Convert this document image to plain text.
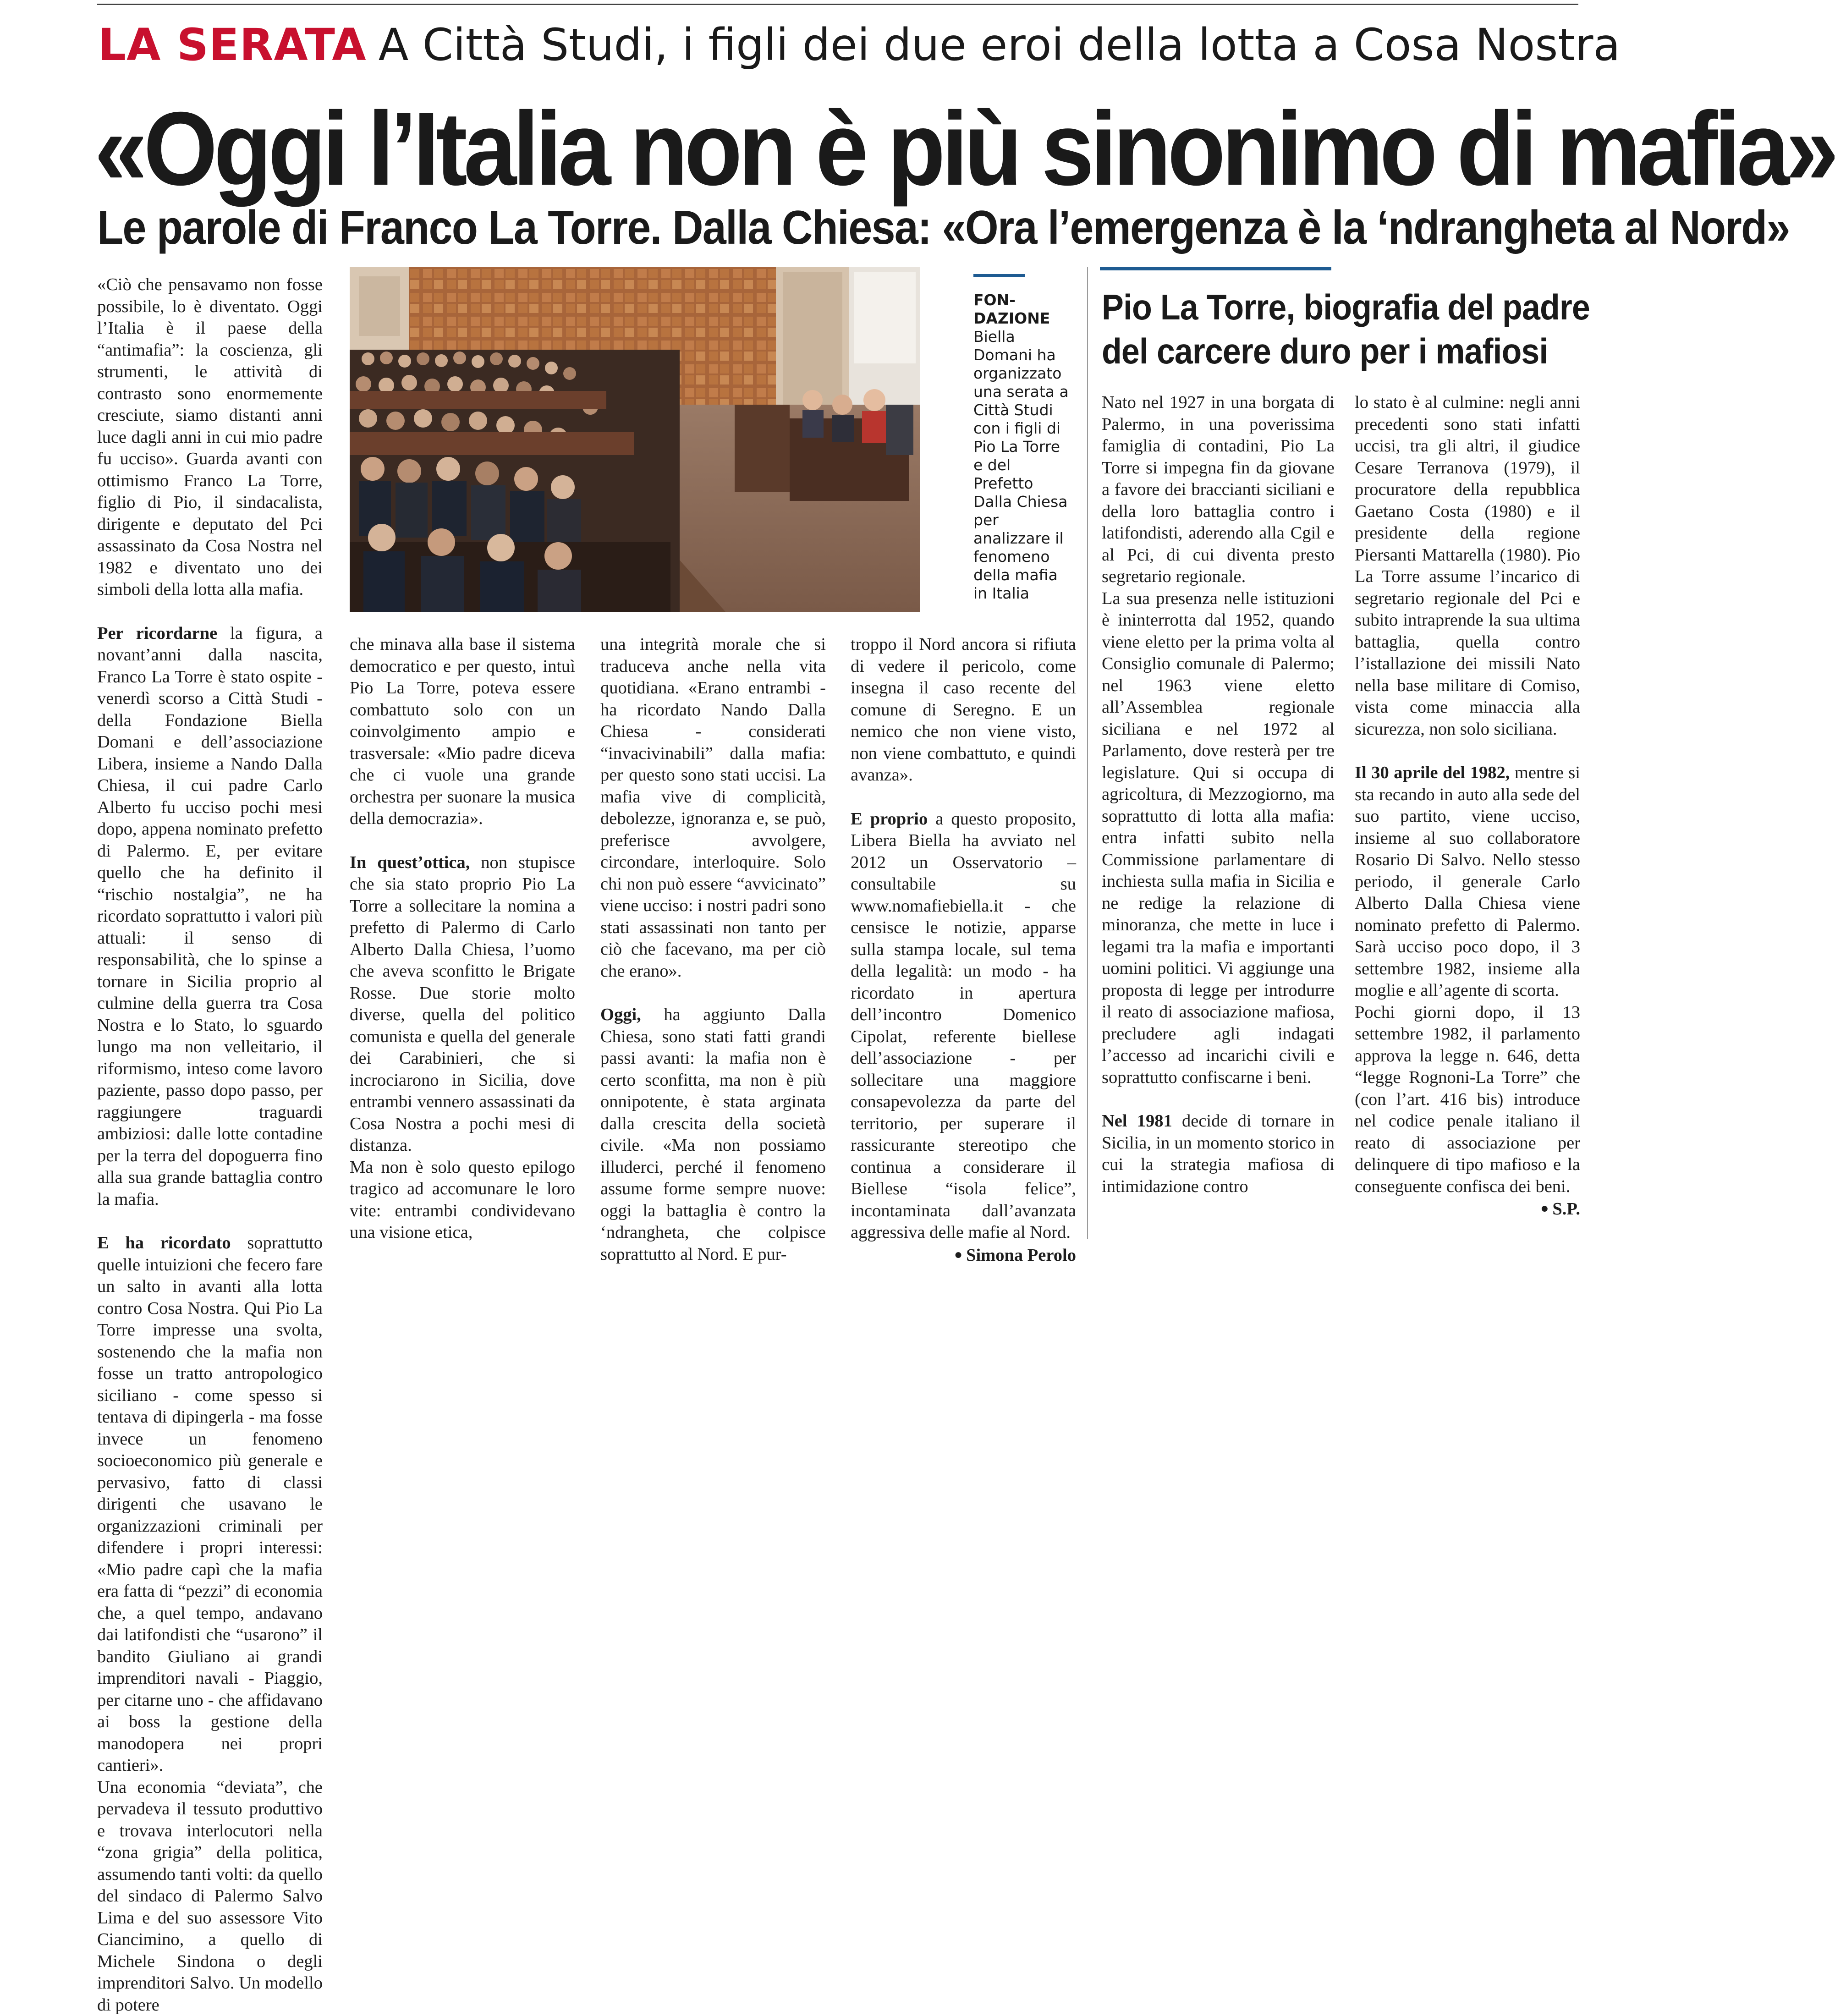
LA SERATA A Città Studi, i figli dei due eroi della lotta a Cosa Nostra
«Oggi l’Italia non è più sinonimo di mafia»
Le parole di Franco La Torre. Dalla Chiesa: «Ora l’emergenza è la ‘ndrangheta al Nord»

«Ciò che pensavamo non fosse possibile, lo è diventato. Oggi l’Italia è il paese della “antimafia”: la coscienza, gli strumenti, le attività di contrasto sono enormemente cresciute, siamo distanti anni luce dagli anni in cui mio padre fu ucciso». Guarda avanti con ottimismo Franco La Torre, figlio di Pio, il sindacalista, dirigente e deputato del Pci assassinato da Cosa Nostra nel 1982 e diventato uno dei simboli della lotta alla mafia.

Per ricordarne la figura, a novant’anni dalla nascita, Franco La Torre è stato ospite - venerdì scorso a Città Studi - della Fondazione Biella Domani e dell’associazione Libera, insieme a Nando Dalla Chiesa, il cui padre Carlo Alberto fu ucciso pochi mesi dopo, appena nominato prefetto di Palermo. E, per evitare quello che ha definito il “rischio nostalgia”, ne ha ricordato soprattutto i valori più attuali: il senso di responsabilità, che lo spinse a tornare in Sicilia proprio al culmine della guerra tra Cosa Nostra e lo Stato, lo sguardo lungo ma non velleitario, il riformismo, inteso come lavoro paziente, passo dopo passo, per raggiungere traguardi ambiziosi: dalle lotte contadine per la terra del dopoguerra fino alla sua grande battaglia contro la mafia.

E ha ricordato soprattutto quelle intuizioni che fecero fare un salto in avanti alla lotta contro Cosa Nostra. Qui Pio La Torre impresse una svolta, sostenendo che la mafia non fosse un tratto antropologico siciliano - come spesso si tentava di dipingerla - ma fosse invece un fenomeno socioeconomico più generale e pervasivo, fatto di classi dirigenti che usavano le organizzazioni criminali per difendere i propri interessi: «Mio padre capì che la mafia era fatta di “pezzi” di economia che, a quel tempo, andavano dai latifondisti che “usarono” il bandito Giuliano ai grandi imprenditori navali - Piaggio, per citarne uno - che affidavano ai boss la gestione della manodopera nei propri cantieri».

Una economia “deviata”, che pervadeva il tessuto produttivo e trovava interlocutori nella “zona grigia” della politica, assumendo tanti volti: da quello del sindaco di Palermo Salvo Lima e del suo assessore Vito Ciancimino, a quello di Michele Sindona o degli imprenditori Salvo. Un modello di potere

FON-
DAZIONE
Biella Domani ha organizzato una serata a Città Studi con i figli di Pio La Torre e del Prefetto Dalla Chiesa per analizzare il fenomeno della mafia in Italia

che minava alla base il sistema democratico e per questo, intuì Pio La Torre, poteva essere combattuto solo con un coinvolgimento ampio e trasversale: «Mio padre diceva che ci vuole una grande orchestra per suonare la musica della democrazia».

In quest’ottica, non stupisce che sia stato proprio Pio La Torre a sollecitare la nomina a prefetto di Palermo di Carlo Alberto Dalla Chiesa, l’uomo che aveva sconfitto le Brigate Rosse. Due storie molto diverse, quella del politico comunista e quella del generale dei Carabinieri, che si incrociarono in Sicilia, dove entrambi vennero assassinati da Cosa Nostra a pochi mesi di distanza.

Ma non è solo questo epilogo tragico ad accomunare le loro vite: entrambi condividevano una visione etica,

una integrità morale che si traduceva anche nella vita quotidiana. «Erano entrambi - ha ricordato Nando Dalla Chiesa - considerati “invacivinabili” dalla mafia: per questo sono stati uccisi. La mafia vive di complicità, debolezze, ignoranza e, se può, preferisce avvolgere, circondare, interloquire. Solo chi non può essere “avvicinato” viene ucciso: i nostri padri sono stati assassinati non tanto per ciò che facevano, ma per ciò che erano».

Oggi, ha aggiunto Dalla Chiesa, sono stati fatti grandi passi avanti: la mafia non è certo sconfitta, ma non è più onnipotente, è stata arginata dalla crescita della società civile. «Ma non possiamo illuderci, perché il fenomeno assume forme sempre nuove: oggi la battaglia è contro la ‘ndrangheta, che colpisce soprattutto al Nord. E pur-

troppo il Nord ancora si rifiuta di vedere il pericolo, come insegna il caso recente del comune di Seregno. E un nemico che non viene visto, non viene combattuto, e quindi avanza».

E proprio a questo proposito, Libera Biella ha avviato nel 2012 un Osservatorio – consultabile su www.nomafiebiella.it - che censisce le notizie, apparse sulla stampa locale, sul tema della legalità: un modo - ha ricordato in apertura dell’incontro Domenico Cipolat, referente biellese dell’associazione - per sollecitare una maggiore consapevolezza da parte del territorio, per superare il rassicurante stereotipo che continua a considerare il Biellese “isola felice”, incontaminata dall’avanzata aggressiva delle mafie al Nord.

● Simona Perolo

Pio La Torre, biografia del padre
del carcere duro per i mafiosi

Nato nel 1927 in una borgata di Palermo, in una poverissima famiglia di contadini, Pio La Torre si impegna fin da giovane a favore dei braccianti siciliani e della loro battaglia contro i latifondisti, aderendo alla Cgil e al Pci, di cui diventa presto segretario regionale.

La sua presenza nelle istituzioni è ininterrotta dal 1952, quando viene eletto per la prima volta al Consiglio comunale di Palermo; nel 1963 viene eletto all’Assemblea regionale siciliana e nel 1972 al Parlamento, dove resterà per tre legislature. Qui si occupa di agricoltura, di Mezzogiorno, ma soprattutto di lotta alla mafia: entra infatti subito nella Commissione parlamentare di inchiesta sulla mafia in Sicilia e ne redige la relazione di minoranza, che mette in luce i legami tra la mafia e importanti uomini politici. Vi aggiunge una proposta di legge per introdurre il reato di associazione mafiosa, precludere agli indagati l’accesso ad incarichi civili e soprattutto confiscarne i beni.

Nel 1981 decide di tornare in Sicilia, in un momento storico in cui la strategia mafiosa di intimidazione contro

lo stato è al culmine: negli anni precedenti sono stati infatti uccisi, tra gli altri, il giudice Cesare Terranova (1979), il procuratore della repubblica Gaetano Costa (1980) e il presidente della regione Piersanti Mattarella (1980). Pio La Torre assume l’incarico di segretario regionale del Pci e subito intraprende la sua ultima battaglia, quella contro l’istallazione dei missili Nato nella base militare di Comiso, vista come minaccia alla sicurezza, non solo siciliana.

Il 30 aprile del 1982, mentre si sta recando in auto alla sede del suo partito, viene ucciso, insieme al suo collaboratore Rosario Di Salvo. Nello stesso periodo, il generale Carlo Alberto Dalla Chiesa viene nominato prefetto di Palermo. Sarà ucciso poco dopo, il 3 settembre 1982, insieme alla moglie e all’agente di scorta.

Pochi giorni dopo, il 13 settembre 1982, il parlamento approva la legge n. 646, detta “legge Rognoni-La Torre” che (con l’art. 416 bis) introduce nel codice penale italiano il reato di associazione per delinquere di tipo mafioso e la conseguente confisca dei beni.

● S.P.
